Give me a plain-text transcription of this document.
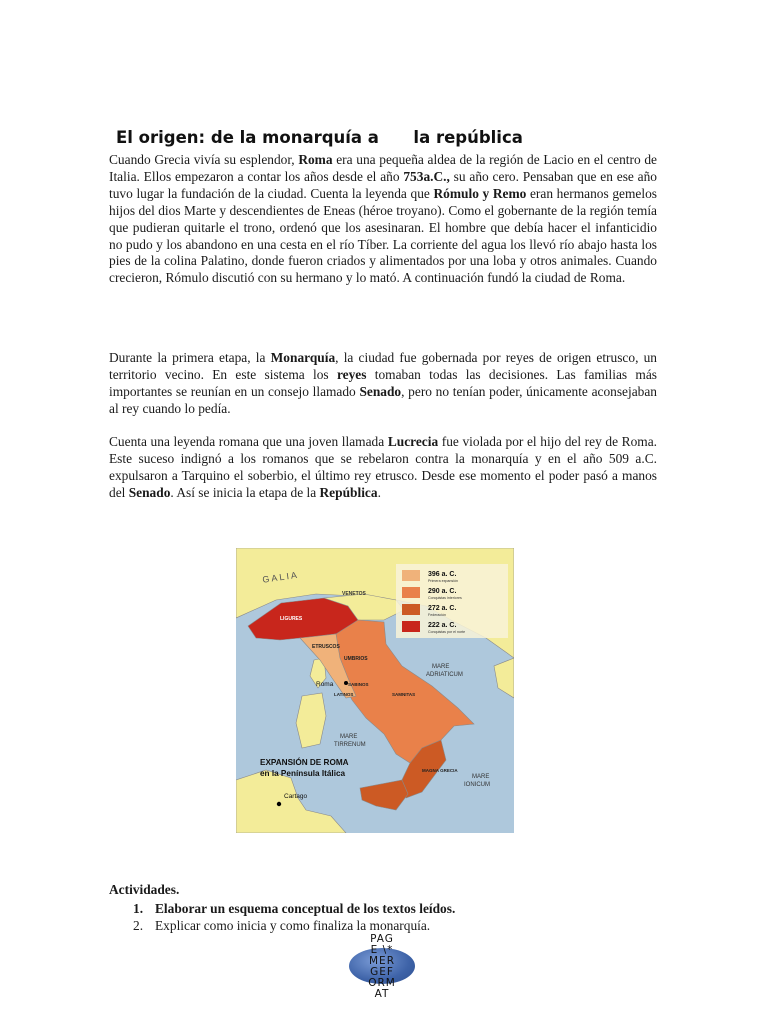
El origen: de la monarquía a      la república

Cuando Grecia vivía su esplendor, Roma era una pequeña aldea de la región de Lacio en el centro de Italia. Ellos empezaron a contar los años desde el año 753a.C., su año cero. Pensaban que en ese año tuvo lugar la fundación de la ciudad. Cuenta la leyenda que Rómulo y Remo eran hermanos gemelos hijos del dios Marte y descendientes de Eneas (héroe troyano). Como el gobernante de la región temía que pudieran quitarle el trono, ordenó que los asesinaran. El hombre que debía hacer el infanticidio no pudo y los abandono en una cesta en el río Tíber. La corriente del agua los llevó río abajo hasta los pies de la colina Palatino, donde fueron criados y alimentados por una loba y otros animales. Cuando crecieron, Rómulo discutió con su hermano y lo mató. A continuación fundó la ciudad de Roma.

Durante la primera etapa, la Monarquía, la ciudad fue gobernada por reyes de origen etrusco, un territorio vecino. En este sistema los reyes tomaban todas las decisiones. Las familias más importantes se reunían en un consejo llamado Senado, pero no tenían poder, únicamente aconsejaban al rey cuando lo pedía.

Cuenta una leyenda romana que una joven llamada Lucrecia fue violada por el hijo del rey de Roma. Este suceso indignó a los romanos que se rebelaron contra la monarquía y en el año 509 a.C. expulsaron a Tarquino el soberbio, el último rey etrusco. Desde ese momento el poder pasó a manos del Senado. Así se inicia la etapa de la República.

396 a. C.
Primera expansión
290 a. C.
Conquistas interiores
272 a. C.
Federación
222 a. C.
Conquistas por el norte
G A L I A
VENETOS
LIGURES
ETRUSCOS
UMBRIOS
Roma	SABINOS
LATINOS	SAMNITAS
MARE
ADRIATICUM
MARE
TIRRENUM
EXPANSIÓN DE ROMA
en la Península Itálica	MAGNA GRECIA
MARE
IONICUM
Cartago

Actividades.

1. Elaborar un esquema conceptual de los textos leídos.
2. Explicar como inicia y como finaliza la monarquía.
PAG
E \*
MER
GEF
ORM
AT
